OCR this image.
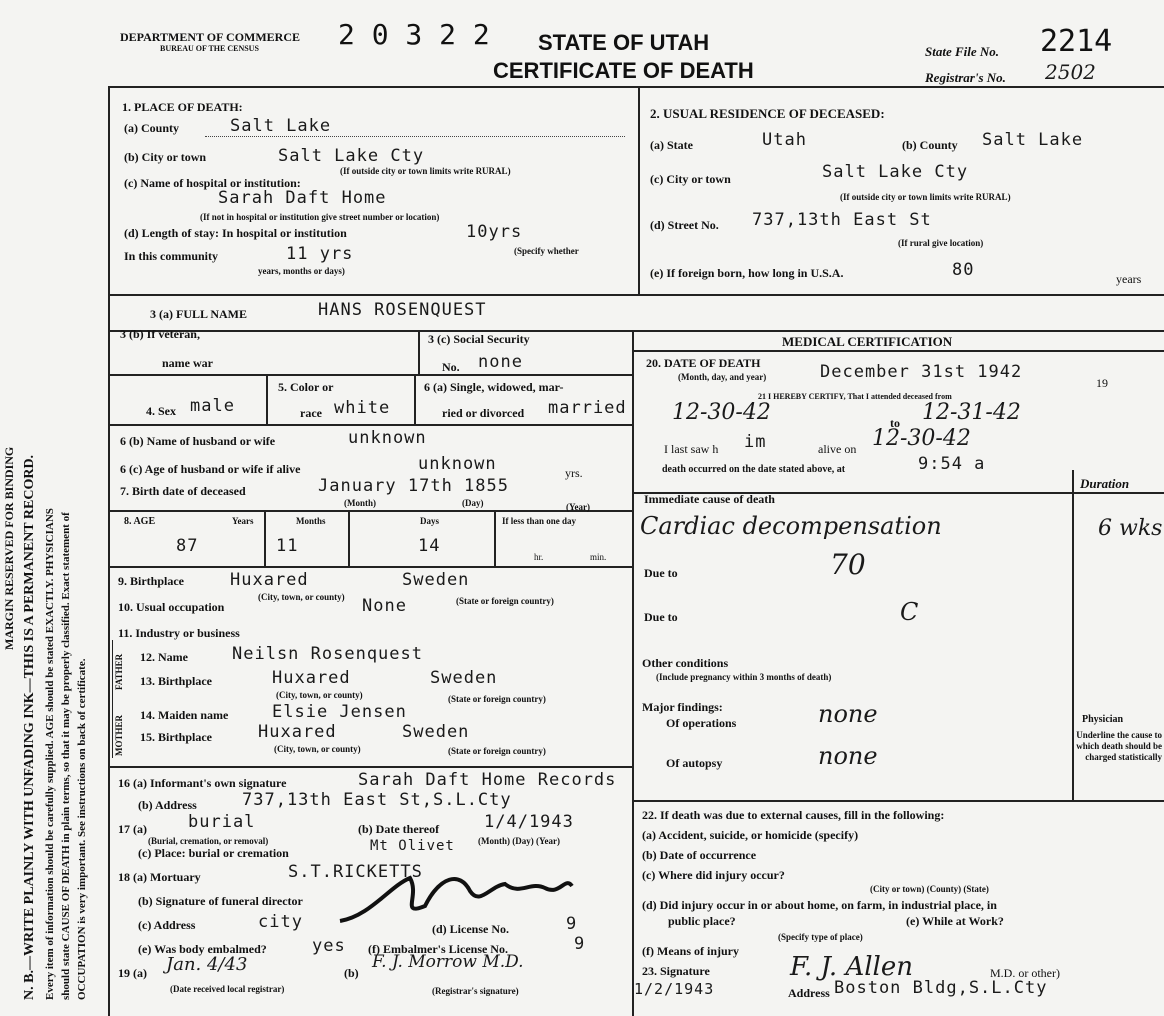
DEPARTMENT OF COMMERCE
BUREAU OF THE CENSUS	2 0 3 2 2 STATE OF UTAH
CERTIFICATE OF DEATH
State File No. 2214
Registrar's No. 2502
N. B.—WRITE PLAINLY WITH UNFADING INK—THIS IS A PERMANENT RECORD.
MARGIN RESERVED FOR BINDING	Every item of information should be carefully supplied. AGE should be stated EXACTLY. PHYSICIANS should state CAUSE OF DEATH in plain terms, so that it may be properly classified. Exact statement of OCCUPATION is very important. See instructions on back of certificate.
1. PLACE OF DEATH:
(a) County	Salt Lake
(b) City or town	Salt Lake Cty
(If outside city or town limits write RURAL)
(c) Name of hospital or institution:
Sarah Daft Home
(If not in hospital or institution give street number or location)
(d) Length of stay: In hospital or institution	10yrs
In this community	11 yrs	(Specify whether
years, months or days)
2. USUAL RESIDENCE OF DECEASED:
(a) State	Utah	(b) County Salt Lake
(c) City or town	Salt Lake Cty
(If outside city or town limits write RURAL)
(d) Street No. 737,13th East St
(If rural give location)
(e) If foreign born, how long in U.S.A.	80	years
3 (a) FULL NAME	HANS ROSENQUEST
3 (b) If veteran,
name war
3 (c) Social Security
No. none
4. Sex male
5. Color or
race white
6 (a) Single, widowed, mar-
ried or divorced married
6 (b) Name of husband or wife	unknown
6 (c) Age of husband or wife if alive	unknown	yrs.
7. Birth date of deceased	January 17th 1855
(Month)	(Day)	(Year)
8. AGE	Years	Months	Days	If less than one day
hr.	min.
87	11	14
9. Birthplace	Huxared	Sweden
(City, town, or county)	(State or foreign country)
10. Usual occupation	None
11. Industry or business
FATHER
MOTHER
12. Name	Neilsn Rosenquest
13. Birthplace	Huxared	Sweden
(City, town, or county)	(State or foreign country)
14. Maiden name	Elsie Jensen
15. Birthplace	Huxared	Sweden
(City, town, or county)	(State or foreign country)
16 (a) Informant's own signature	Sarah Daft Home Records
(b) Address	737,13th East St,S.L.Cty
17 (a) burial
(Burial, cremation, or removal)
(b) Date thereof	1/4/1943
(Month) (Day) (Year)
(c) Place: burial or cremation	Mt Olivet
18 (a) Mortuary	S.T.RICKETTS
(b) Signature of funeral director
(c) Address	city	(d) License No.	9
(e) Was body embalmed?	yes (f) Embalmer's License No.	9
19 (a) Jan. 4/43
(Date received local registrar)
(b)
F. J. Morrow M.D.
(Registrar's signature)
MEDICAL CERTIFICATION
20. DATE OF DEATH
(Month, day, and year)	December 31st 1942
19
21 I HEREBY CERTIFY, That I attended deceased from
12-30-42	to 12-31-42
I last saw h im	alive on 12-30-42
death occurred on the date stated above, at	9:54 a
Duration
Immediate cause of death
Cardiac decompensation	6 wks
Due to	70
Due to	C
Other conditions
(Include pregnancy within 3 months of death)
Major findings:
Of operations	none
Of autopsy	none
Physician
Underline the cause to which death should be charged statistically
22. If death was due to external causes, fill in the following:
(a) Accident, suicide, or homicide (specify)
(b) Date of occurrence
(c) Where did injury occur?
(City or town) (County) (State)
(d) Did injury occur in or about home, on farm, in industrial place, in
public place?	(e) While at Work?
(Specify type of place)
(f) Means of injury
23. Signature	F. J. Allen	M.D. or other)
1/2/1943	Address Boston Bldg,S.L.Cty
